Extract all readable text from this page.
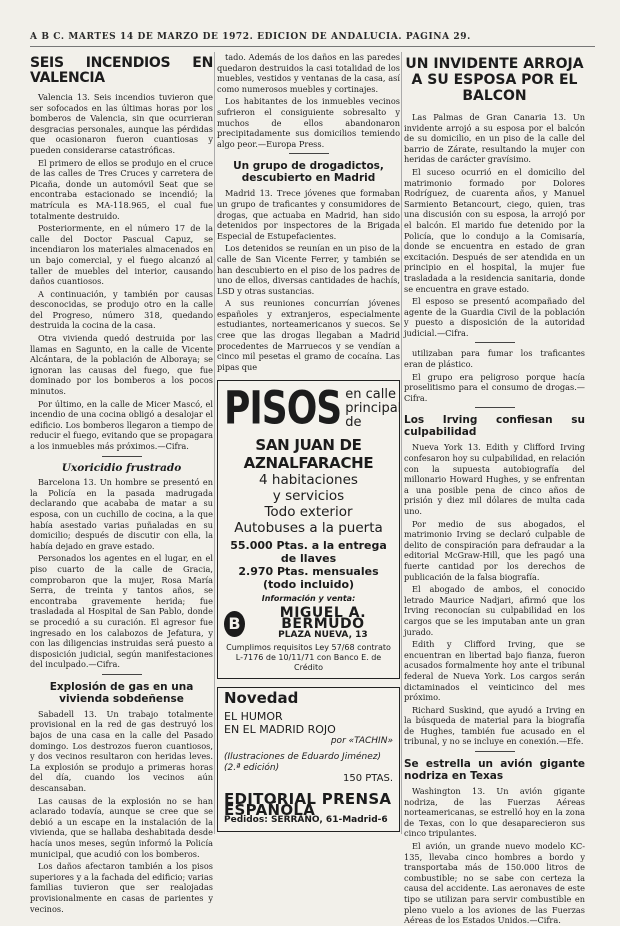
A B C. MARTES 14 DE MARZO DE 1972. EDICION DE ANDALUCIA. PAGINA 29.
SEIS INCENDIOS EN VALENCIA

Valencia 13. Seis incendios tuvieron que ser sofocados en las últimas horas por los bomberos de Valencia, sin que ocurrieran desgracias personales, aunque las pérdidas que ocasionaron fueron cuantiosas y pueden considerarse catastróficas.

El primero de ellos se produjo en el cruce de las calles de Tres Cruces y carretera de Picaña, donde un automóvil Seat que se encontraba estacionado se incendió; la matrícula es MA-118.965, el cual fue totalmente destruido.

Posteriormente, en el número 17 de la calle del Doctor Pascual Capuz, se incendiaron los materiales almacenados en un bajo comercial, y el fuego alcanzó al taller de muebles del interior, causando daños cuantiosos.

A continuación, y también por causas desconocidas, se produjo otro en la calle del Progreso, número 318, quedando destruida la cocina de la casa.

Otra vivienda quedó destruida por las llamas en Sagunto, en la calle de Vicente Alcántara, de la población de Alboraya; se ignoran las causas del fuego, que fue dominado por los bomberos a los pocos minutos.

Por último, en la calle de Micer Mascó, el incendio de una cocina obligó a desalojar el edificio. Los bomberos llegaron a tiempo de reducir el fuego, evitando que se propagara a los inmuebles más próximos.—Cifra.

Uxoricidio frustrado

Barcelona 13. Un hombre se presentó en la Policía en la pasada madrugada declarando que acababa de matar a su esposa, con un cuchillo de cocina, a la que había asestado varias puñaladas en su domicilio; después de discutir con ella, la había dejado en grave estado.

Personados los agentes en el lugar, en el piso cuarto de la calle de Gracia, comprobaron que la mujer, Rosa María Serra, de treinta y tantos años, se encontraba gravemente herida; fue trasladada al Hospital de San Pablo, donde se procedió a su curación. El agresor fue ingresado en los calabozos de Jefatura, y con las diligencias instruidas será puesto a disposición judicial, según manifestaciones del inculpado.—Cifra.

Explosión de gas en una vivienda sobdeñense

Sabadell 13. Un trabajo totalmente provisional en la red de gas destruyó los bajos de una casa en la calle del Pasado domingo. Los destrozos fueron cuantiosos, y dos vecinos resultaron con heridas leves. La explosión se produjo a primeras horas del día, cuando los vecinos aún descansaban.

Las causas de la explosión no se han aclarado todavía, aunque se cree que se debió a un escape en la instalación de la vivienda, que se hallaba deshabitada desde hacía unos meses, según informó la Policía municipal, que acudió con los bomberos.

Los daños afectaron también a los pisos superiores y a la fachada del edificio; varias familias tuvieron que ser realojadas provisionalmente en casas de parientes y vecinos.

tado. Además de los daños en las paredes quedaron destruidos la casi totalidad de los muebles, vestidos y ventanas de la casa, así como numerosos muebles y cortinajes.

Los habitantes de los inmuebles vecinos sufrieron el consiguiente sobresalto y muchos de ellos abandonaron precipitadamente sus domicilios temiendo algo peor.—Europa Press.

Un grupo de drogadictos, descubierto en Madrid

Madrid 13. Trece jóvenes que formaban un grupo de traficantes y consumidores de drogas, que actuaba en Madrid, han sido detenidos por inspectores de la Brigada Especial de Estupefacientes.

Los detenidos se reunían en un piso de la calle de San Vicente Ferrer, y también se han descubierto en el piso de los padres de uno de ellos, diversas cantidades de hachís, LSD y otras sustancias.

A sus reuniones concurrían jóvenes españoles y extranjeros, especialmente estudiantes, norteamericanos y suecos. Se cree que las drogas llegaban a Madrid procedentes de Marruecos y se vendían a cinco mil pesetas el gramo de cocaína. Las pipas que

PISOS en calle principal de
SAN JUAN DE AZNALFARACHE
4 habitaciones
y servicios
Todo exterior
Autobuses a la puerta
55.000 Ptas. a la entrega de llaves
2.970 Ptas. mensuales (todo incluido)
Información y venta:
B
MIGUEL A. BERMUDO
PLAZA NUEVA, 13
Cumplimos requisitos Ley 57/68 contrato L-7176 de 10/11/71 con Banco E. de Crédito
Novedad
EL HUMOR
EN EL MADRID ROJO
por «TACHIN»
(Ilustraciones de Eduardo Jiménez) (2.ª edición)
150 PTAS.
EDITORIAL PRENSA ESPAÑOLA
Pedidos: SERRANO, 61-Madrid-6
UN INVIDENTE ARROJA A SU ESPOSA POR EL BALCON

Las Palmas de Gran Canaria 13. Un invidente arrojó a su esposa por el balcón de su domicilio, en un piso de la calle del barrio de Zárate, resultando la mujer con heridas de carácter gravísimo.

El suceso ocurrió en el domicilio del matrimonio formado por Dolores Rodríguez, de cuarenta años, y Manuel Sarmiento Betancourt, ciego, quien, tras una discusión con su esposa, la arrojó por el balcón. El marido fue detenido por la Policía, que lo condujo a la Comisaría, donde se encuentra en estado de gran excitación. Después de ser atendida en un principio en el hospital, la mujer fue trasladada a la residencia sanitaria, donde se encuentra en grave estado.

El esposo se presentó acompañado del agente de la Guardia Civil de la población y puesto a disposición de la autoridad judicial.—Cifra.

utilizaban para fumar los traficantes eran de plástico.

El grupo era peligroso porque hacía proselitismo para el consumo de drogas.—Cifra.

Los Irving confiesan su culpabilidad

Nueva York 13. Edith y Clifford Irving confesaron hoy su culpabilidad, en relación con la supuesta autobiografía del millonario Howard Hughes, y se enfrentan a una posible pena de cinco años de prisión y diez mil dólares de multa cada uno.

Por medio de sus abogados, el matrimonio Irving se declaró culpable de delito de conspiración para defraudar a la editorial McGraw-Hill, que les pagó una fuerte cantidad por los derechos de publicación de la falsa biografía.

El abogado de ambos, el conocido letrado Maurice Nadjari, afirmó que los Irving reconocían su culpabilidad en los cargos que se les imputaban ante un gran jurado.

Edith y Clifford Irving, que se encuentran en libertad bajo fianza, fueron acusados formalmente hoy ante el tribunal federal de Nueva York. Los cargos serán dictaminados el veinticinco del mes próximo.

Richard Suskind, que ayudó a Irving en la búsqueda de material para la biografía de Hughes, también fue acusado en el tribunal, y no se incluye en conexión.—Efe.

Se estrella un avión gigante nodriza en Texas

Washington 13. Un avión gigante nodriza, de las Fuerzas Aéreas norteamericanas, se estrelló hoy en la zona de Texas, con lo que desaparecieron sus cinco tripulantes.

El avión, un grande nuevo modelo KC-135, llevaba cinco hombres a bordo y transportaba más de 150.000 litros de combustible; no se sabe con certeza la causa del accidente. Las aeronaves de este tipo se utilizan para servir combustible en pleno vuelo a los aviones de las Fuerzas Aéreas de los Estados Unidos.—Cifra.
